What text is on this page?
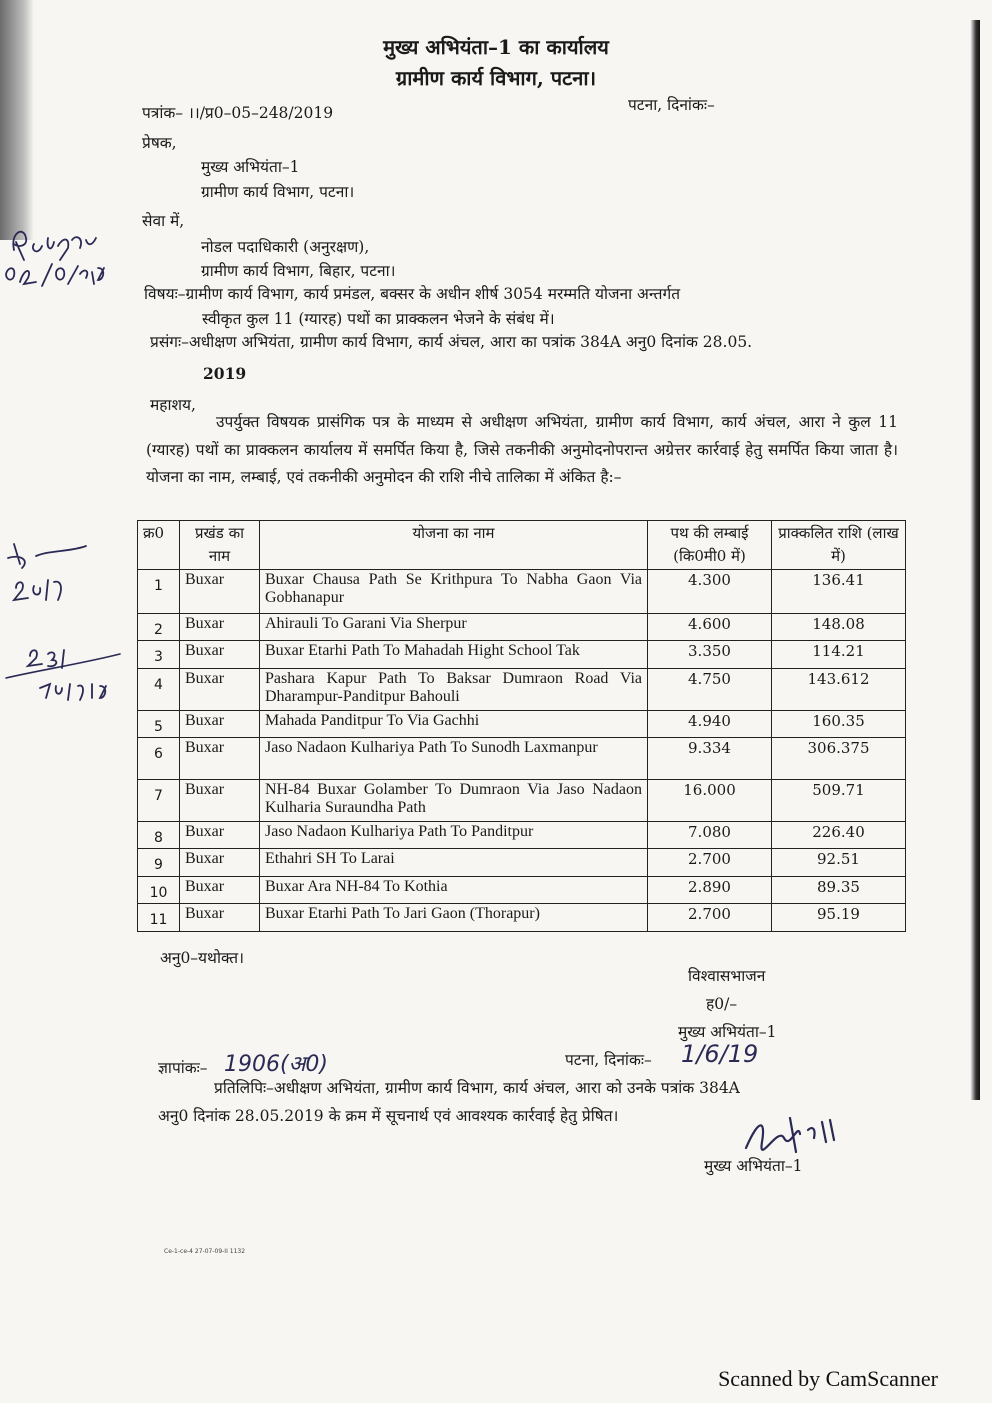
मुख्य अभियंता–1 का कार्यालय
ग्रामीण कार्य विभाग, पटना।
पत्रांक– ।।/प्र0–05–248/2019	पटना, दिनांकः–
प्रेषक,
मुख्य अभियंता–1
ग्रामीण कार्य विभाग, पटना।
सेवा में,
नोडल पदाधिकारी (अनुरक्षण),
ग्रामीण कार्य विभाग, बिहार, पटना।
विषयः–ग्रामीण कार्य विभाग, कार्य प्रमंडल, बक्सर के अधीन शीर्ष 3054 मरम्मति योजना अन्तर्गत
स्वीकृत कुल 11 (ग्यारह) पथों का प्राक्कलन भेजने के संबंध में।
प्रसंगः–अधीक्षण अभियंता, ग्रामीण कार्य विभाग, कार्य अंचल, आरा का पत्रांक 384A अनु0 दिनांक 28.05.
2019
महाशय,
उपर्युक्त विषयक प्रासंगिक पत्र के माध्यम से अधीक्षण अभियंता, ग्रामीण कार्य विभाग, कार्य अंचल, आरा ने कुल 11 (ग्यारह) पथों का प्राक्कलन कार्यालय में समर्पित किया है, जिसे तकनीकी अनुमोदनोपरान्त अग्रेत्तर कार्रवाई हेतु समर्पित किया जाता है। योजना का नाम, लम्बाई, एवं तकनीकी अनुमोदन की राशि नीचे तालिका में अंकित है:–
क्र0	प्रखंड का नाम	योजना का नाम	पथ की लम्बाई (कि0मी0 में)	प्राक्कलित राशि (लाख में)
1	Buxar	Buxar Chausa Path Se Krithpura To Nabha Gaon Via Gobhanapur	4.300	136.41
2	Buxar	Ahirauli To Garani Via Sherpur	4.600	148.08
3	Buxar	Buxar Etarhi Path To Mahadah Hight School Tak	3.350	114.21
4	Buxar	Pashara Kapur Path To Baksar Dumraon Road Via Dharampur-Panditpur Bahouli	4.750	143.612
5	Buxar	Mahada Panditpur To Via Gachhi	4.940	160.35
6	Buxar	Jaso Nadaon Kulhariya Path To Sunodh Laxmanpur	9.334	306.375
7	Buxar	NH-84 Buxar Golamber To Dumraon Via Jaso Nadaon Kulharia Suraundha Path	16.000	509.71
8	Buxar	Jaso Nadaon Kulhariya Path To Panditpur	7.080	226.40
9	Buxar	Ethahri SH To Larai	2.700	92.51
10	Buxar	Buxar Ara NH-84 To Kothia	2.890	89.35
11	Buxar	Buxar Etarhi Path To Jari Gaon (Thorapur)	2.700	95.19
अनु0–यथोक्त।
विश्वासभाजन
ह0/–
मुख्य अभियंता–1
ज्ञापांकः– 1906(अ0)	पटना, दिनांकः– 1/6/19
प्रतिलिपिः–अधीक्षण अभियंता, ग्रामीण कार्य विभाग, कार्य अंचल, आरा को उनके पत्रांक 384A
अनु0 दिनांक 28.05.2019 के क्रम में सूचनार्थ एवं आवश्यक कार्रवाई हेतु प्रेषित।
मुख्य अभियंता–1
Ce-1-ce-4 27-07-09-II 1132
Scanned by CamScanner
